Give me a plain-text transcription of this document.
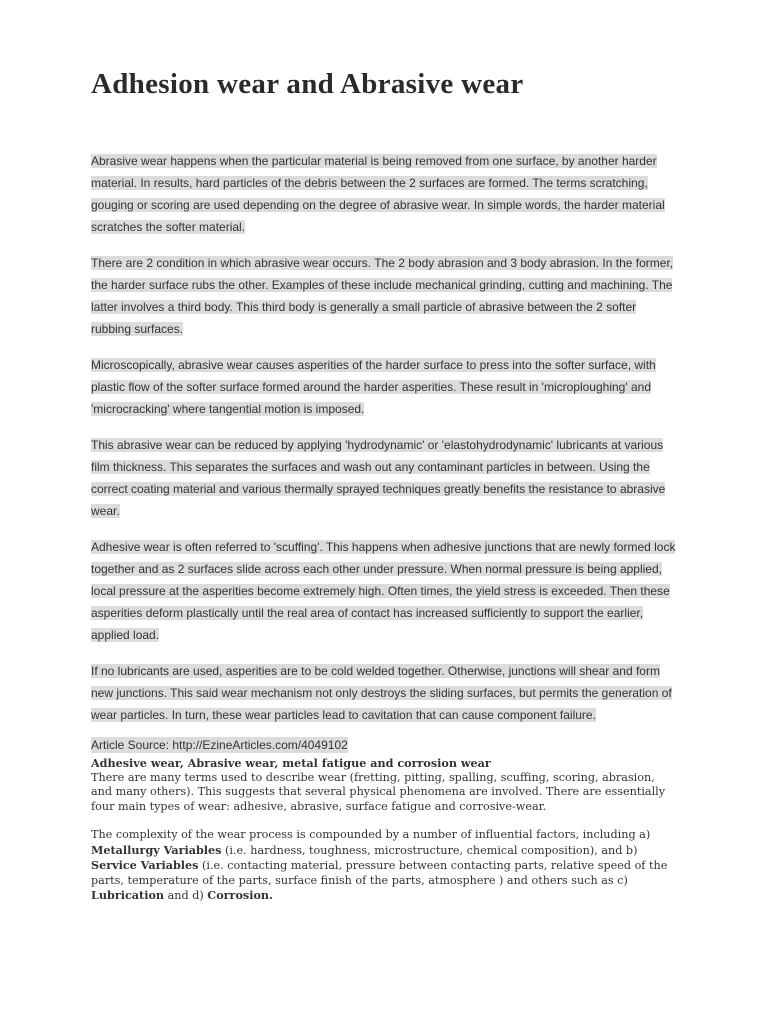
Adhesion wear and Abrasive wear

Abrasive wear happens when the particular material is being removed from one surface, by another harder material. In results, hard particles of the debris between the 2 surfaces are formed. The terms scratching, gouging or scoring are used depending on the degree of abrasive wear. In simple words, the harder material scratches the softer material.

There are 2 condition in which abrasive wear occurs. The 2 body abrasion and 3 body abrasion. In the former, the harder surface rubs the other. Examples of these include mechanical grinding, cutting and machining. The latter involves a third body. This third body is generally a small particle of abrasive between the 2 softer rubbing surfaces.

Microscopically, abrasive wear causes asperities of the harder surface to press into the softer surface, with plastic flow of the softer surface formed around the harder asperities. These result in 'microploughing' and 'microcracking' where tangential motion is imposed.

This abrasive wear can be reduced by applying 'hydrodynamic' or 'elastohydrodynamic' lubricants at various film thickness. This separates the surfaces and wash out any contaminant particles in between. Using the correct coating material and various thermally sprayed techniques greatly benefits the resistance to abrasive wear.

Adhesive wear is often referred to 'scuffing'. This happens when adhesive junctions that are newly formed lock together and as 2 surfaces slide across each other under pressure. When normal pressure is being applied, local pressure at the asperities become extremely high. Often times, the yield stress is exceeded. Then these asperities deform plastically until the real area of contact has increased sufficiently to support the earlier, applied load.

If no lubricants are used, asperities are to be cold welded together. Otherwise, junctions will shear and form new junctions. This said wear mechanism not only destroys the sliding surfaces, but permits the generation of wear particles. In turn, these wear particles lead to cavitation that can cause component failure.

Article Source: http://EzineArticles.com/4049102
Adhesive wear, Abrasive wear, metal fatigue and corrosion wear

There are many terms used to describe wear (fretting, pitting, spalling, scuffing, scoring, abrasion, and many others). This suggests that several physical phenomena are involved. There are essentially four main types of wear: adhesive, abrasive, surface fatigue and corrosive-wear.

The complexity of the wear process is compounded by a number of influential factors, including a) Metallurgy Variables (i.e. hardness, toughness, microstructure, chemical composition), and b) Service Variables (i.e. contacting material, pressure between contacting parts, relative speed of the parts, temperature of the parts, surface finish of the parts, atmosphere ) and others such as c) Lubrication and d) Corrosion.
